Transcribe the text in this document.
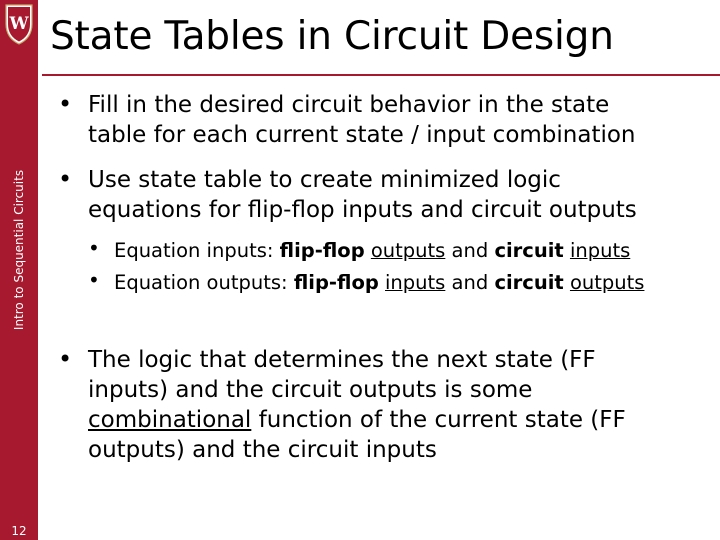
W
Intro to Sequential Circuits
12
State Tables in Circuit Design
• Fill in the desired circuit behavior in the state
table for each current state / input combination
• Use state table to create minimized logic
equations for flip-flop inputs and circuit outputs
• Equation inputs: flip-flop outputs and circuit inputs
• Equation outputs: flip-flop inputs and circuit outputs
• The logic that determines the next state (FF
inputs) and the circuit outputs is some
combinational function of the current state (FF
outputs) and the circuit inputs
